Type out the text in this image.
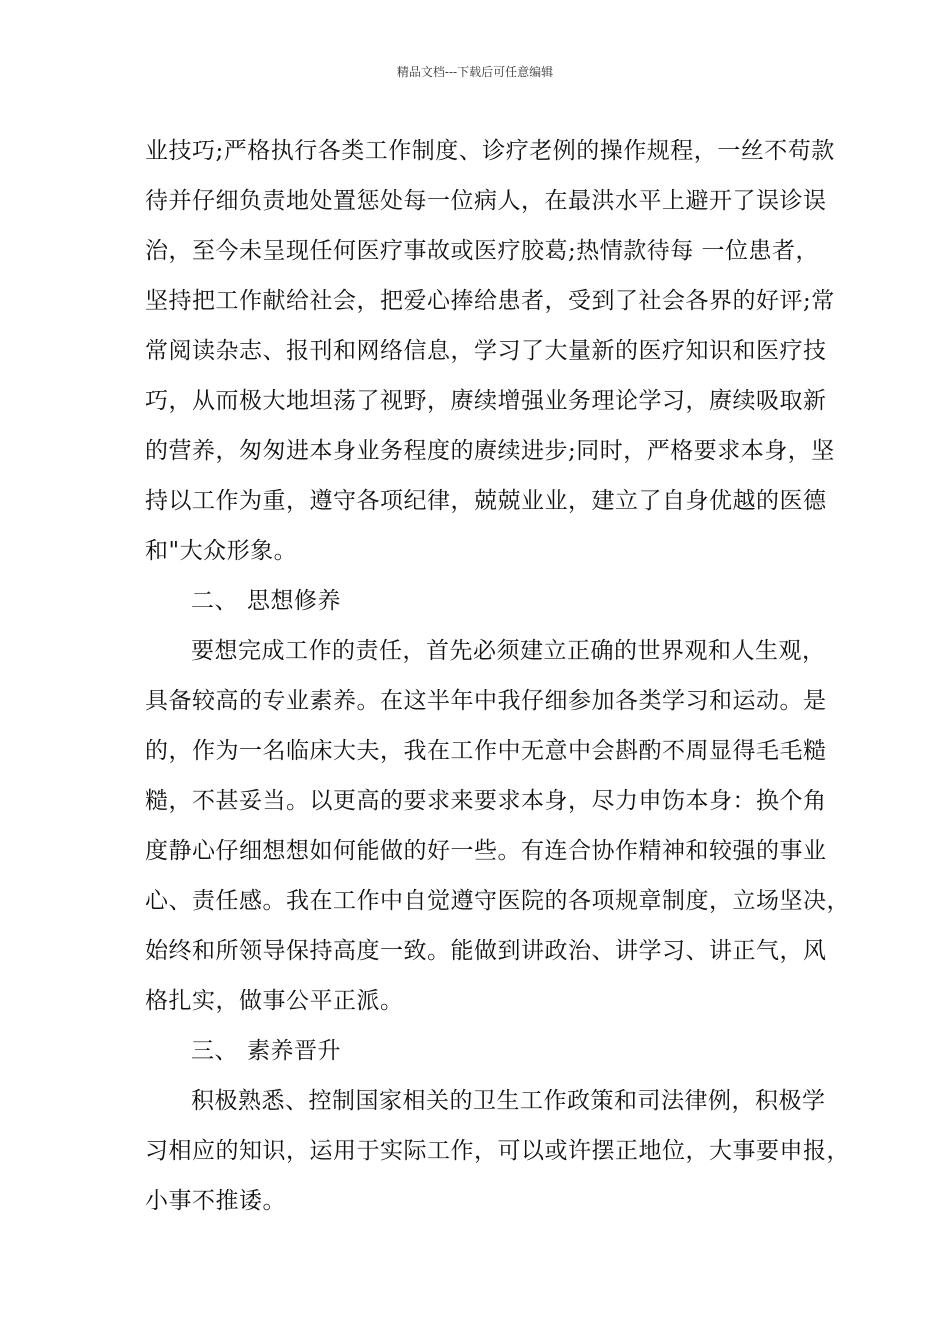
精品文档---下载后可任意编辑
业技巧;严格执行各类工作制度、诊疗老例的操作规程，一丝不苟款
待并仔细负责地处置惩处每一位病人，在最洪水平上避开了误诊误
治，至今未呈现任何医疗事故或医疗胶葛;热情款待每 一位患者，
坚持把工作献给社会，把爱心捧给患者，受到了社会各界的好评;常
常阅读杂志、报刊和网络信息，学习了大量新的医疗知识和医疗技
巧，从而极大地坦荡了视野，赓续增强业务理论学习，赓续吸取新
的营养，匆匆进本身业务程度的赓续进步;同时，严格要求本身，坚
持以工作为重，遵守各项纪律，兢兢业业，建立了自身优越的医德
和"大众形象。
二、 思想修养
要想完成工作的责任，首先必须建立正确的世界观和人生观，
具备较高的专业素养。在这半年中我仔细参加各类学习和运动。是
的，作为一名临床大夫，我在工作中无意中会斟酌不周显得毛毛糙
糙，不甚妥当。以更高的要求来要求本身，尽力申饬本身：换个角
度静心仔细想想如何能做的好一些。有连合协作精神和较强的事业
心、责任感。我在工作中自觉遵守医院的各项规章制度，立场坚决，
始终和所领导保持高度一致。能做到讲政治、讲学习、讲正气，风
格扎实，做事公平正派。
三、 素养晋升
积极熟悉、控制国家相关的卫生工作政策和司法律例，积极学
习相应的知识，运用于实际工作，可以或许摆正地位，大事要申报，
小事不推诿。
